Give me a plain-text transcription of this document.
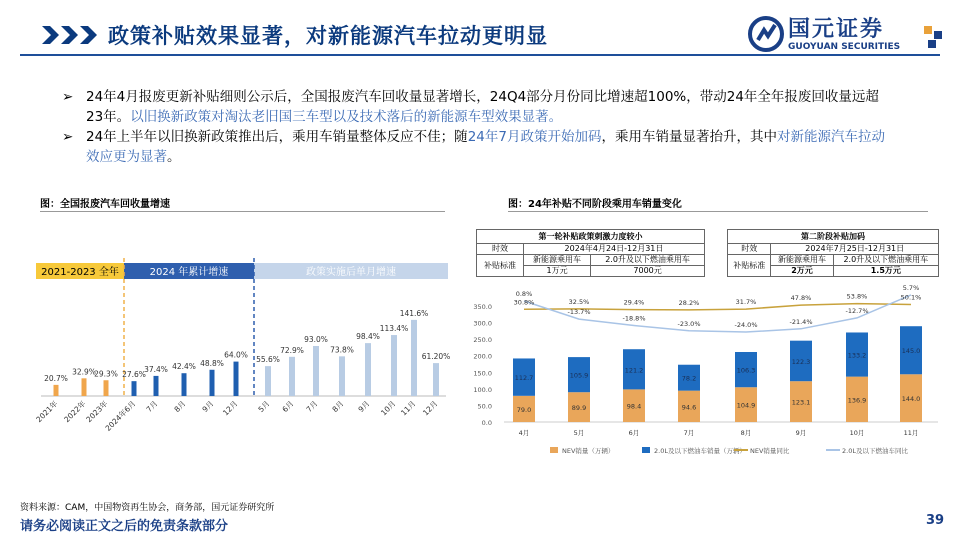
政策补贴效果显著，对新能源汽车拉动更明显	国元证券
GUOYUAN SECURITIES
➢ 24年4月报废更新补贴细则公示后，全国报废汽车回收量显著增长，24Q4部分月份同比增速超100%，带动24年全年报废回收量远超23年。以旧换新政策对淘汰老旧国三车型以及技术落后的新能源车型效果显著。
➢ 24年上半年以旧换新政策推出后，乘用车销量整体反应不佳；随24年7月政策开始加码，乘用车销量显著抬升，其中对新能源汽车拉动效应更为显著。
图：全国报废汽车回收量增速
2021-2023 全年	2024 年累计增速	政策实施后单月增速
20.7%
2021年
32.9%
2022年
29.3%
2023年
27.6%
2024年6月
37.4%
7月
42.4%
8月
48.8%
9月
64.0%
12月
55.6%
5月
72.9%
6月
93.0%
7月
73.8%
8月
98.4%
9月
113.4%
10月
141.6%
11月
61.20%
12月
图：24年补贴不同阶段乘用车销量变化
第一轮补贴政策刺激力度较小		
时效	2024年4月24日-12月31日	
补贴标准	新能源乘用车	2.0升及以下燃油乘用车
	1万元	7000元
第二阶段补贴加码		
时效	2024年7月25日-12月31日	
补贴标准	新能源乘用车	2.0升及以下燃油乘用车
	2万元	1.5万元
0.0
50.0
100.0
150.0
200.0
250.0
300.0
350.0
79.0
112.7
4月
89.9
105.9
5月
98.4
121.2
6月
94.6
78.2
7月
104.9
106.3
8月
123.1
122.3
9月
136.9
133.2
10月
144.0
145.0
11月
30.8%
0.8%
32.5%
-13.7%
29.4%
-18.8%
28.2%
-23.0%
31.7%
-24.0%
47.8%
-21.4%
53.8%
-12.7%
50.1%
5.7%
NEV销量（万辆）	2.0L及以下燃油车销量（万辆） NEV销量同比	2.0L及以下燃油车同比
资料来源：CAM，中国物资再生协会，商务部，国元证券研究所
请务必阅读正文之后的免责条款部分	39
